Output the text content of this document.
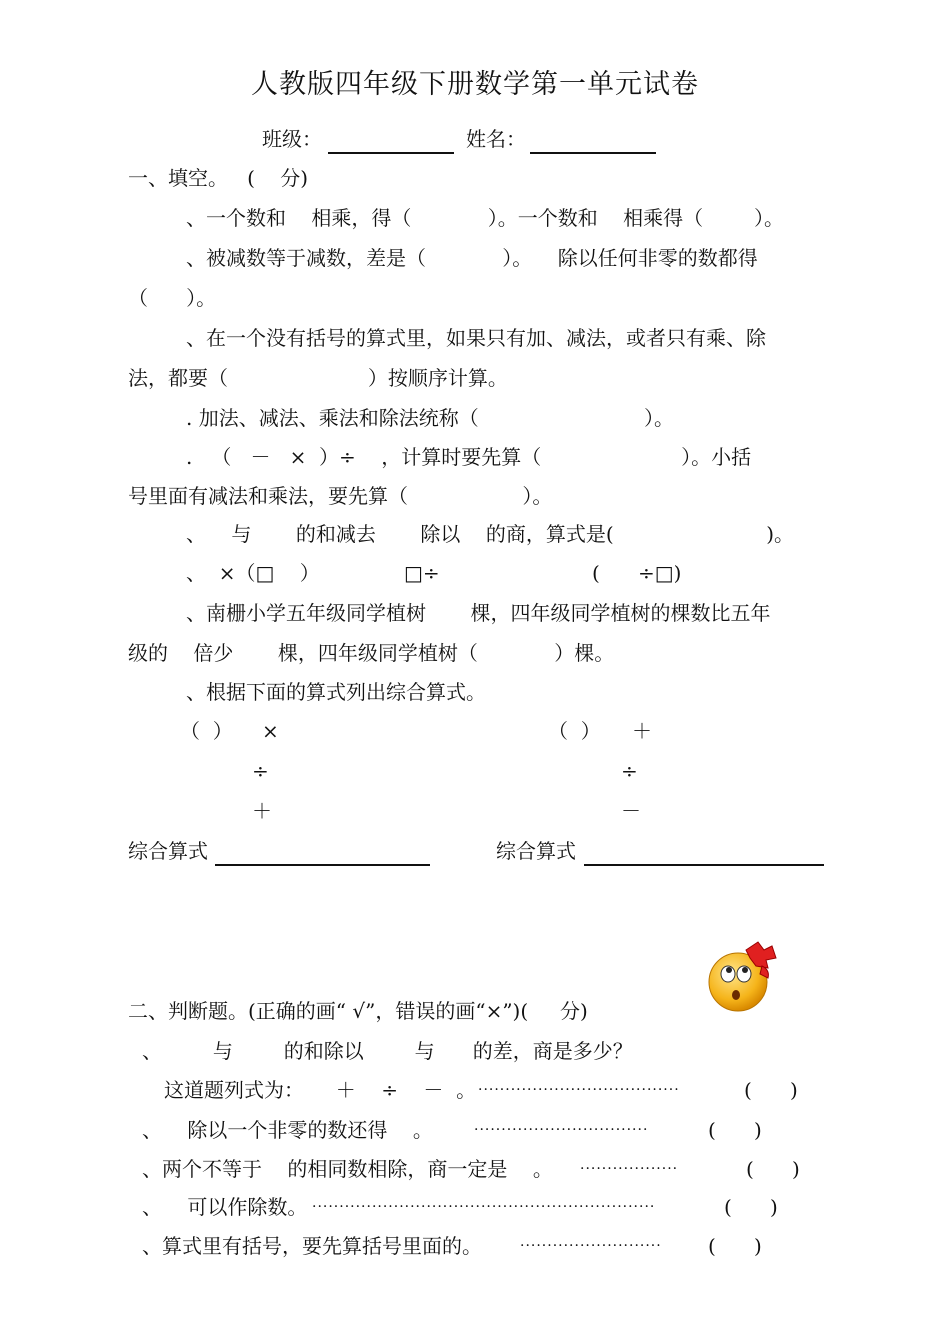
人教版四年级下册数学第一单元试卷
班级：	姓名：
一、填空。   (    分)
、一个数和    相乘，得（            ）。一个数和    相乘得（        ）。
、被减数等于减数，差是（            ）。    除以任何非零的数都得
（      ）。
、在一个没有括号的算式里，如果只有加、减法，或者只有乘、除
法，都要（                      ）按顺序计算。
. 加法、减法、乘法和除法统称（                          ）。
.   （   －   ×  ）÷    ，计算时要先算（                      ）。小括
号里面有减法和乘法，要先算（                  ）。
、    与       的和减去       除以    的商，算式是(                        )。
、  ×（□    ）	□÷	(      ÷□)
、南栅小学五年级同学植树       棵，四年级同学植树的棵数比五年
级的    倍少       棵，四年级同学植树（            ）棵。
、根据下面的算式列出综合算式。
（  ） ×
÷
＋
（  ） ＋
÷
－
综合算式	综合算式
二、判断题。(正确的画“ √”，错误的画“×”)(     分)
、        与        的和除以        与      的差，商是多少？
这道题列式为：     ＋    ÷    －  。 ·····································	(      )
、    除以一个非零的数还得    。	································	(      )
、两个不等于    的相同数相除，商一定是    。 ··················	(      )
、    可以作除数。 ·······························································	(      )
、算式里有括号，要先算括号里面的。	·························· (      )
